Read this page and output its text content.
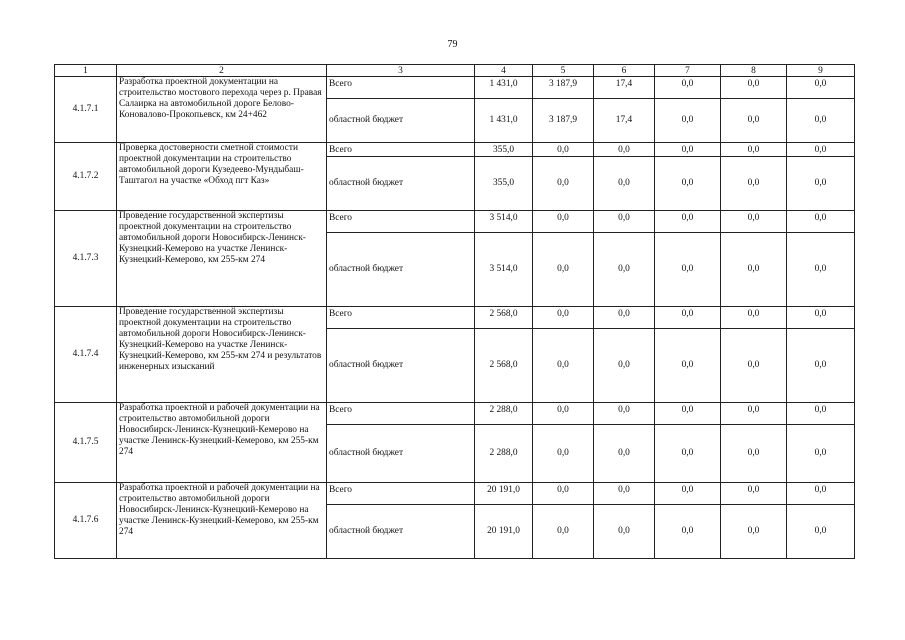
79
1	2	3	4	5	6	7	8	9
4.1.7.1	Разработка проектной документации на строительство мостового перехода через р. Правая Салаирка на автомобильной дороге Белово-Коновалово-Прокопьевск, км 24+462	Всего	1 431,0	3 187,9	17,4	0,0	0,0	0,0
		областной бюджет	1 431,0	3 187,9	17,4	0,0	0,0	0,0
4.1.7.2	Проверка достоверности сметной стоимости проектной документации на строительство автомобильной дороги Кузедеево-Мундыбаш-Таштагол на участке «Обход пгт Каз»	Всего	355,0	0,0	0,0	0,0	0,0	0,0
		областной бюджет	355,0	0,0	0,0	0,0	0,0	0,0
4.1.7.3	Проведение государственной экспертизы проектной документации на строительство автомобильной дороги Новосибирск-Ленинск-Кузнецкий-Кемерово на участке Ленинск-Кузнецкий-Кемерово, км 255-км 274	Всего	3 514,0	0,0	0,0	0,0	0,0	0,0
		областной бюджет	3 514,0	0,0	0,0	0,0	0,0	0,0
4.1.7.4	Проведение государственной экспертизы проектной документации на строительство автомобильной дороги Новосибирск-Ленинск-Кузнецкий-Кемерово на участке Ленинск-Кузнецкий-Кемерово, км 255-км 274 и результатов инженерных изысканий	Всего	2 568,0	0,0	0,0	0,0	0,0	0,0
		областной бюджет	2 568,0	0,0	0,0	0,0	0,0	0,0
4.1.7.5	Разработка проектной и рабочей документации на строительство автомобильной дороги Новосибирск-Ленинск-Кузнецкий-Кемерово на участке Ленинск-Кузнецкий-Кемерово, км 255-км 274	Всего	2 288,0	0,0	0,0	0,0	0,0	0,0
		областной бюджет	2 288,0	0,0	0,0	0,0	0,0	0,0
4.1.7.6	Разработка проектной и рабочей документации на строительство автомобильной дороги Новосибирск-Ленинск-Кузнецкий-Кемерово на участке Ленинск-Кузнецкий-Кемерово, км 255-км 274	Всего	20 191,0	0,0	0,0	0,0	0,0	0,0
		областной бюджет	20 191,0	0,0	0,0	0,0	0,0	0,0
